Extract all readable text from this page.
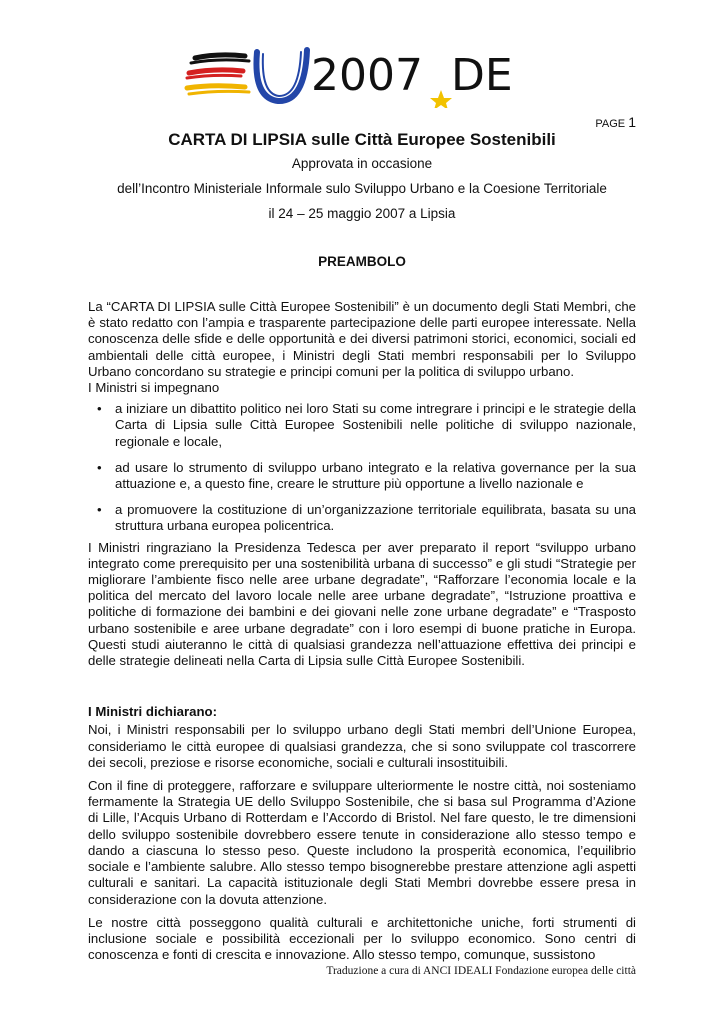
2007 DE
PAGE 1
CARTA DI LIPSIA sulle Città Europee Sostenibili
Approvata in occasione
dell’Incontro Ministeriale Informale sulo Sviluppo Urbano e la Coesione Territoriale
il 24 – 25 maggio 2007 a Lipsia
PREAMBOLO

La “CARTA DI LIPSIA sulle Città Europee Sostenibili” è un documento degli Stati Membri, che è stato redatto con l’ampia e trasparente partecipazione delle parti europee interessate. Nella conoscenza delle sfide e delle opportunità e dei diversi patrimoni storici, economici, sociali ed ambientali delle città europee, i Ministri degli Stati membri responsabili per lo Sviluppo Urbano concordano su strategie e principi comuni per la politica di sviluppo urbano.

I Ministri si impegnano

• a iniziare un dibattito politico nei loro Stati su come intregrare i principi e le strategie della Carta di Lipsia sulle Città Europee Sostenibili nelle politiche di sviluppo nazionale, regionale e locale,
• ad usare lo strumento di sviluppo urbano integrato e la relativa governance per la sua attuazione e, a questo fine, creare le strutture più opportune a livello nazionale e
• a promuovere la costituzione di un’organizzazione territoriale equilibrata, basata su una struttura urbana europea policentrica.

I Ministri ringraziano la Presidenza Tedesca per aver preparato il report “sviluppo urbano integrato come prerequisito per una sostenibilità urbana di successo” e gli studi “Strategie per migliorare l’ambiente fisco nelle aree urbane degradate”, “Rafforzare l’economia locale e la politica del mercato del lavoro locale nelle aree urbane degradate”, “Istruzione proattiva e politiche di formazione dei bambini e dei giovani nelle zone urbane degradate” e “Trasposto urbano sostenibile e aree urbane degradate” con i loro esempi di buone pratiche in Europa. Questi studi aiuteranno le città di qualsiasi grandezza nell’attuazione effettiva dei principi e delle strategie delineati nella Carta di Lipsia sulle Città Europee Sostenibili.

I Ministri dichiarano:

Noi, i Ministri responsabili per lo sviluppo urbano degli Stati membri dell’Unione Europea, consideriamo le città europee di qualsiasi grandezza, che si sono sviluppate col trascorrere dei secoli, preziose e risorse economiche, sociali e culturali insostituibili.

Con il fine di proteggere, rafforzare e sviluppare ulteriormente le nostre città, noi sosteniamo fermamente la Strategia UE dello Sviluppo Sostenibile, che si basa sul Programma d’Azione di Lille, l’Acquis Urbano di Rotterdam e l’Accordo di Bristol. Nel fare questo, le tre dimensioni dello sviluppo sostenibile dovrebbero essere tenute in considerazione allo stesso tempo e dando a ciascuna lo stesso peso. Queste includono la prosperità economica, l’equilibrio sociale e l’ambiente salubre. Allo stesso tempo bisognerebbe prestare attenzione agli aspetti culturali e sanitari. La capacità istituzionale degli Stati Membri dovrebbe essere presa in considerazione con la dovuta attenzione.

Le nostre città posseggono qualità culturali e architettoniche uniche, forti strumenti di inclusione sociale e possibilità eccezionali per lo sviluppo economico. Sono centri di conoscenza e fonti di crescita e innovazione. Allo stesso tempo, comunque, sussistono

Traduzione a cura di ANCI IDEALI Fondazione europea delle città
